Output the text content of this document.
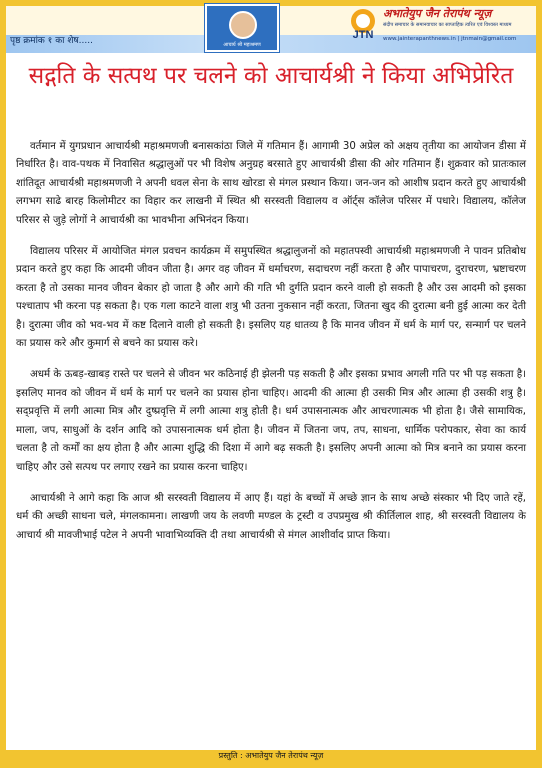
पृष्ठ क्रमांक १ का शेष.....	आचार्य श्री महाश्रमण
JTN
अभातेयुप जैन तेरापंथ न्यूज़
संदीप समाचार के समानवाचार का साप्ताहिक त्वरित एवं विश्वस्त माध्यम
www.jainterapanthnews.in | jtnmain@gmail.com
सद्गति के सत्पथ पर चलने को आचार्यश्री ने किया अभिप्रेरित

वर्तमान में युगप्रधान आचार्यश्री महाश्रमणजी बनासकांठा जिले में गतिमान हैं। आगामी 30 अप्रेल को अक्षय तृतीया का आयोजन डीसा में निर्धारित है। वाव-पथक में निवासित श्रद्धालुओं पर भी विशेष अनुग्रह बरसाते हुए आचार्यश्री डीसा की ओर गतिमान हैं। शुक्रवार को प्रातःकाल शांतिदूत आचार्यश्री महाश्रमणजी ने अपनी धवल सेना के साथ खोरडा से मंगल प्रस्थान किया। जन-जन को आशीष प्रदान करते हुए आचार्यश्री लगभग साढे बारह किलोमीटर का विहार कर लाखनी में स्थित श्री सरस्वती विद्यालय व ऑर्ट्स कॉलेज परिसर में पधारे। विद्यालय, कॉलेज परिसर से जुड़े लोगों ने आचार्यश्री का भावभीना अभिनंदन किया।

विद्यालय परिसर में आयोजित मंगल प्रवचन कार्यक्रम में समुपस्थित श्रद्धालुजनों को महातपस्वी आचार्यश्री महाश्रमणजी ने पावन प्रतिबोध प्रदान करते हुए कहा कि आदमी जीवन जीता है। अगर वह जीवन में धर्माचरण, सदाचरण नहीं करता है और पापाचरण, दुराचरण, भ्रष्टाचरण करता है तो उसका मानव जीवन बेकार हो जाता है और आगे की गति भी दुर्गति प्रदान करने वाली हो सकती है और उस आदमी को इसका पश्चाताप भी करना पड़ सकता है। एक गला काटने वाला शत्रु भी उतना नुकसान नहीं करता, जितना खुद की दुरात्मा बनी हुई आत्मा कर देती है। दुरात्मा जीव को भव-भव में कष्ट दिलाने वाली हो सकती है। इसलिए यह धातव्य है कि मानव जीवन में धर्म के मार्ग पर, सन्मार्ग पर चलने का प्रयास करे और कुमार्ग से बचने का प्रयास करे।

अधर्म के ऊबड़-खाबड़ रास्ते पर चलने से जीवन भर कठिनाई ही झेलनी पड़ सकती है और इसका प्रभाव अगली गति पर भी पड़ सकता है। इसलिए मानव को जीवन में धर्म के मार्ग पर चलने का प्रयास होना चाहिए। आदमी की आत्मा ही उसकी मित्र और आत्मा ही उसकी शत्रु है। सद्प्रवृत्ति में लगी आत्मा मित्र और दुष्प्रवृत्ति में लगी आत्मा शत्रु होती है। धर्म उपासनात्मक और आचरणात्मक भी होता है। जैसे सामायिक, माला, जप, साधुओं के दर्शन आदि को उपासनात्मक धर्म होता है। जीवन में जितना जप, तप, साधना, धार्मिक परोपकार, सेवा का कार्य चलता है तो कर्मों का क्षय होता है और आत्मा शुद्धि की दिशा में आगे बढ़ सकती है। इसलिए अपनी आत्मा को मित्र बनाने का प्रयास करना चाहिए और उसे सत्पथ पर लगाए रखने का प्रयास करना चाहिए।

आचार्यश्री ने आगे कहा कि आज श्री सरस्वती विद्यालय में आए हैं। यहां के बच्चों में अच्छे ज्ञान के साथ अच्छे संस्कार भी दिए जाते रहें, धर्म की अच्छी साधना चले, मंगलकामना। लाखणी जय के लवणी मण्डल के ट्रस्टी व उपप्रमुख श्री कीर्तिलाल शाह, श्री सरस्वती विद्यालय के आचार्य श्री मावजीभाई पटेल ने अपनी भावाभिव्यक्ति दी तथा आचार्यश्री से मंगल आशीर्वाद प्राप्त किया।

प्रस्तुति : अभातेयुप जैन तेरापंथ न्यूज़
